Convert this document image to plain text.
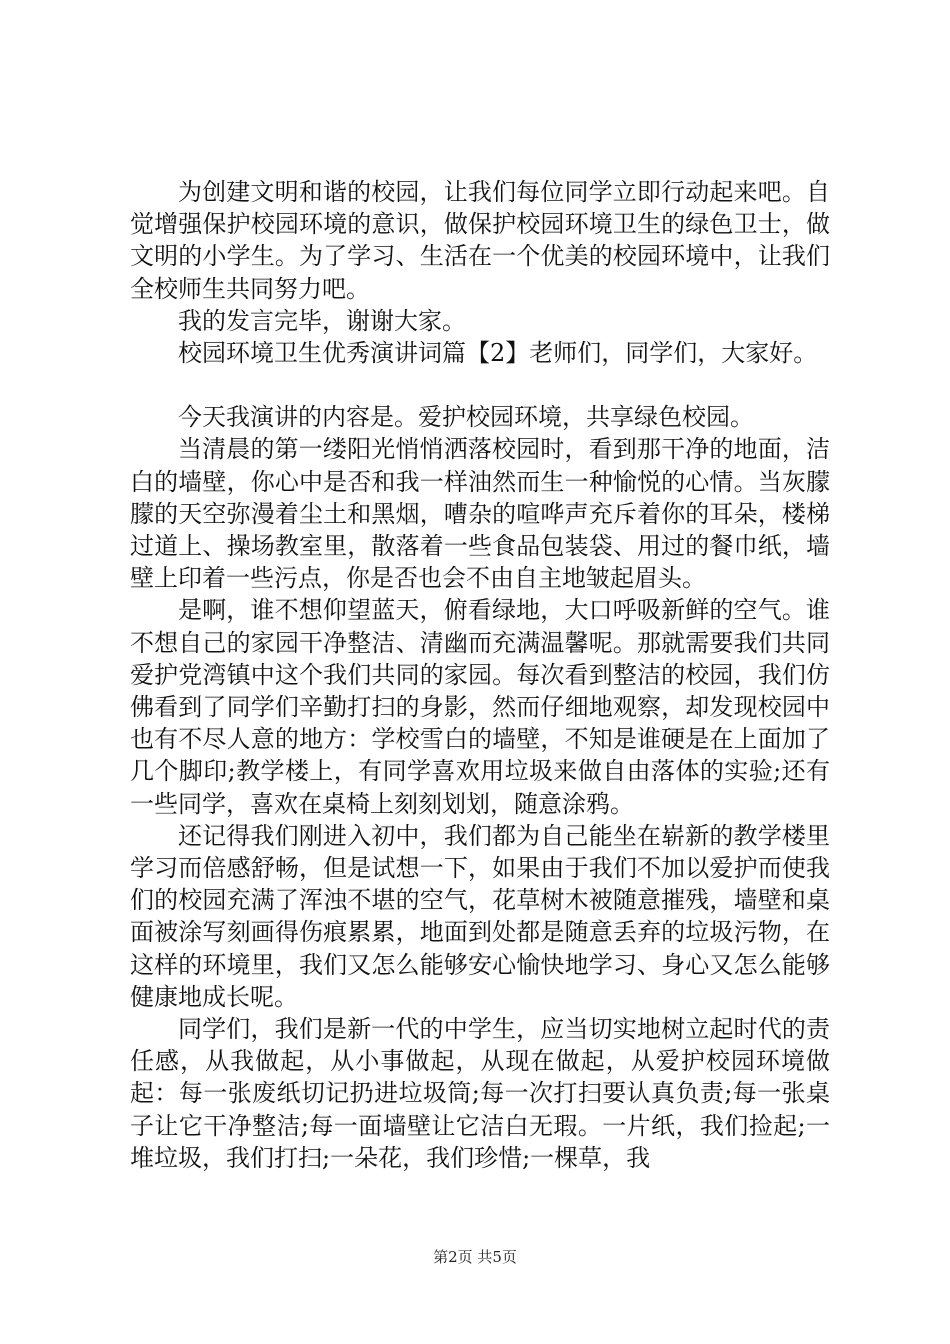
为创建文明和谐的校园，让我们每位同学立即行动起来吧。自觉增强保护校园环境的意识，做保护校园环境卫生的绿色卫士，做文明的小学生。为了学习、生活在一个优美的校园环境中，让我们全校师生共同努力吧。

我的发言完毕，谢谢大家。

校园环境卫生优秀演讲词篇【2】老师们，同学们，大家好。

今天我演讲的内容是。爱护校园环境，共享绿色校园。

当清晨的第一缕阳光悄悄洒落校园时，看到那干净的地面，洁白的墙壁，你心中是否和我一样油然而生一种愉悦的心情。当灰朦朦的天空弥漫着尘土和黑烟，嘈杂的喧哗声充斥着你的耳朵，楼梯过道上、操场教室里，散落着一些食品包装袋、用过的餐巾纸，墙壁上印着一些污点，你是否也会不由自主地皱起眉头。

是啊，谁不想仰望蓝天，俯看绿地，大口呼吸新鲜的空气。谁不想自己的家园干净整洁、清幽而充满温馨呢。那就需要我们共同爱护党湾镇中这个我们共同的家园。每次看到整洁的校园，我们仿佛看到了同学们辛勤打扫的身影，然而仔细地观察，却发现校园中也有不尽人意的地方：学校雪白的墙壁，不知是谁硬是在上面加了几个脚印;教学楼上，有同学喜欢用垃圾来做自由落体的实验;还有一些同学，喜欢在桌椅上刻刻划划，随意涂鸦。

还记得我们刚进入初中，我们都为自己能坐在崭新的教学楼里学习而倍感舒畅，但是试想一下，如果由于我们不加以爱护而使我们的校园充满了浑浊不堪的空气，花草树木被随意摧残，墙壁和桌面被涂写刻画得伤痕累累，地面到处都是随意丢弃的垃圾污物，在这样的环境里，我们又怎么能够安心愉快地学习、身心又怎么能够健康地成长呢。

同学们，我们是新一代的中学生，应当切实地树立起时代的责任感，从我做起，从小事做起，从现在做起，从爱护校园环境做起：每一张废纸切记扔进垃圾筒;每一次打扫要认真负责;每一张桌子让它干净整洁;每一面墙壁让它洁白无瑕。一片纸，我们捡起;一堆垃圾，我们打扫;一朵花，我们珍惜;一棵草，我

第2页 共5页
